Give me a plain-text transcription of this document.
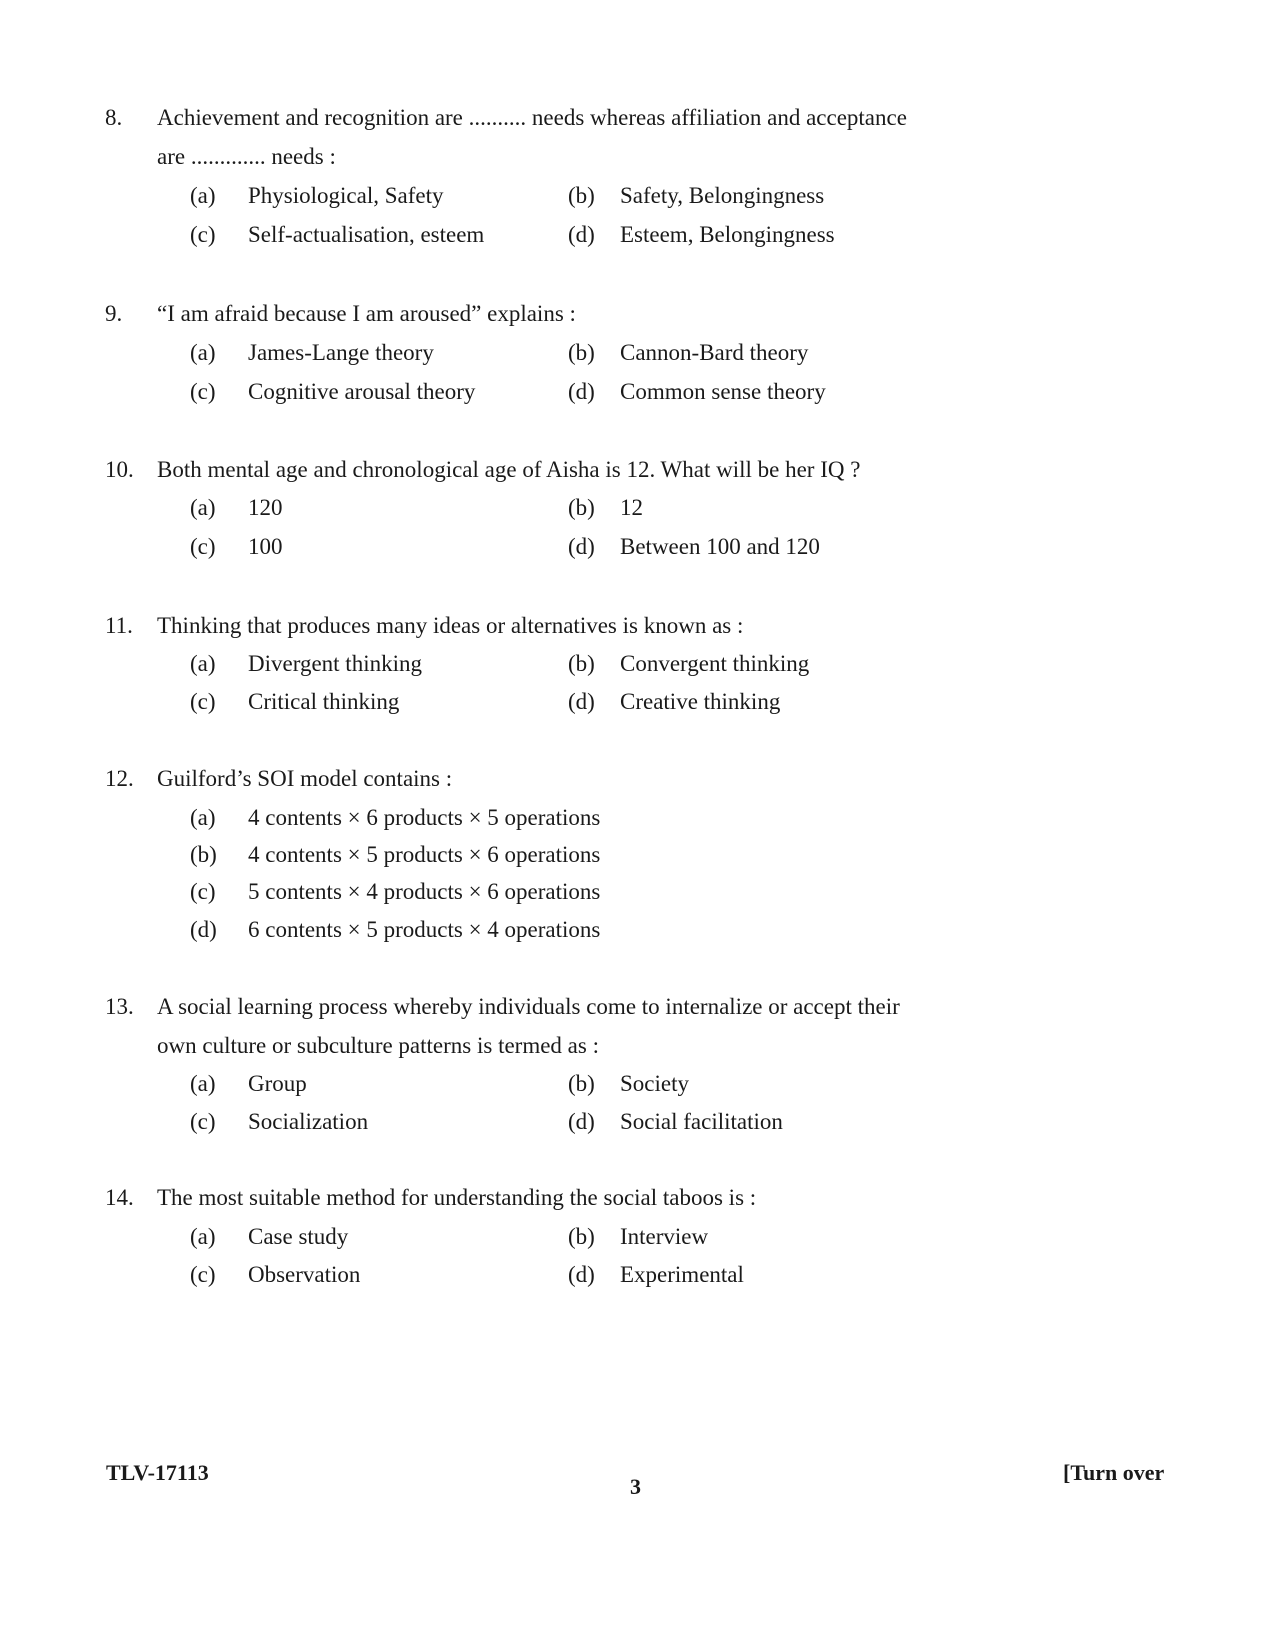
8. Achievement and recognition are .......... needs whereas affiliation and acceptance
are ............. needs :
(a) Physiological, Safety	(b) Safety, Belongingness
(c) Self-actualisation, esteem	(d) Esteem, Belongingness
9. “I am afraid because I am aroused” explains :
(a) James-Lange theory	(b) Cannon-Bard theory
(c) Cognitive arousal theory	(d) Common sense theory
10. Both mental age and chronological age of Aisha is 12. What will be her IQ ?
(a) 120	(b) 12
(c) 100	(d) Between 100 and 120
11. Thinking that produces many ideas or alternatives is known as :
(a) Divergent thinking	(b) Convergent thinking
(c) Critical thinking	(d) Creative thinking
12. Guilford’s SOI model contains :
(a) 4 contents × 6 products × 5 operations
(b) 4 contents × 5 products × 6 operations
(c) 5 contents × 4 products × 6 operations
(d) 6 contents × 5 products × 4 operations
13. A social learning process whereby individuals come to internalize or accept their
own culture or subculture patterns is termed as :
(a) Group	(b) Society
(c) Socialization	(d) Social facilitation
14. The most suitable method for understanding the social taboos is :
(a) Case study	(b) Interview
(c) Observation	(d) Experimental
TLV-17113
3
[Turn over
